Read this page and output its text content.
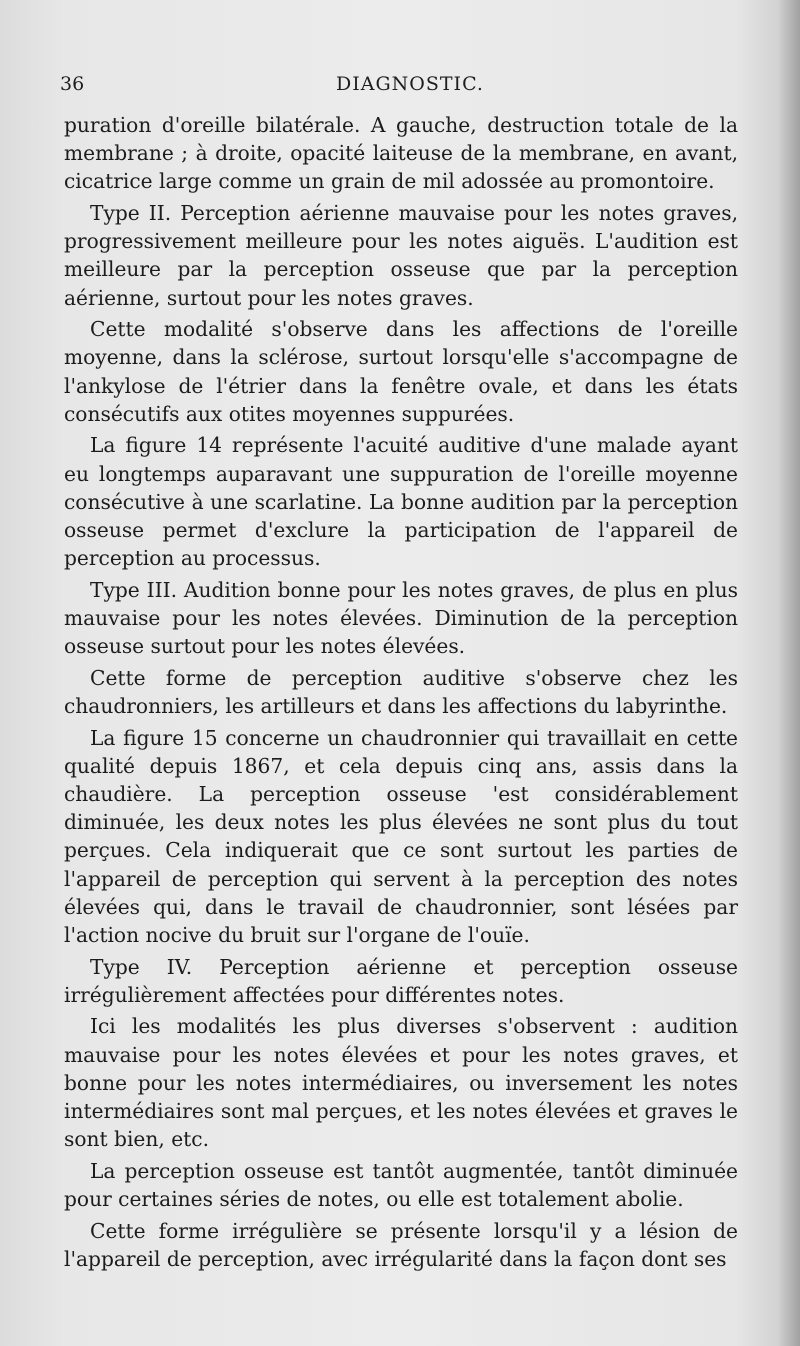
36	DIAGNOSTIC.

puration d'oreille bilatérale. A gauche, destruction totale de la membrane ; à droite, opacité laiteuse de la membrane, en avant, cicatrice large comme un grain de mil adossée au promontoire.

Type II. Perception aérienne mauvaise pour les notes graves, progressivement meilleure pour les notes aiguës. L'audition est meilleure par la perception osseuse que par la perception aérienne, surtout pour les notes graves.

Cette modalité s'observe dans les affections de l'oreille moyenne, dans la sclérose, surtout lorsqu'elle s'accompagne de l'ankylose de l'étrier dans la fenêtre ovale, et dans les états consécutifs aux otites moyennes suppurées.

La figure 14 représente l'acuité auditive d'une malade ayant eu longtemps auparavant une suppuration de l'oreille moyenne consécutive à une scarlatine. La bonne audition par la perception osseuse permet d'exclure la participation de l'appareil de perception au processus.

Type III. Audition bonne pour les notes graves, de plus en plus mauvaise pour les notes élevées. Diminution de la perception osseuse surtout pour les notes élevées.

Cette forme de perception auditive s'observe chez les chaudronniers, les artilleurs et dans les affections du labyrinthe.

La figure 15 concerne un chaudronnier qui travaillait en cette qualité depuis 1867, et cela depuis cinq ans, assis dans la chaudière. La perception osseuse 'est considérablement diminuée, les deux notes les plus élevées ne sont plus du tout perçues. Cela indiquerait que ce sont surtout les parties de l'appareil de perception qui servent à la perception des notes élevées qui, dans le travail de chaudronnier, sont lésées par l'action nocive du bruit sur l'organe de l'ouïe.

Type IV. Perception aérienne et perception osseuse irrégulièrement affectées pour différentes notes.

Ici les modalités les plus diverses s'observent : audition mauvaise pour les notes élevées et pour les notes graves, et bonne pour les notes intermédiaires, ou inversement les notes intermédiaires sont mal perçues, et les notes élevées et graves le sont bien, etc.

La perception osseuse est tantôt augmentée, tantôt diminuée pour certaines séries de notes, ou elle est totalement abolie.

Cette forme irrégulière se présente lorsqu'il y a lésion de l'appareil de perception, avec irrégularité dans la façon dont ses
